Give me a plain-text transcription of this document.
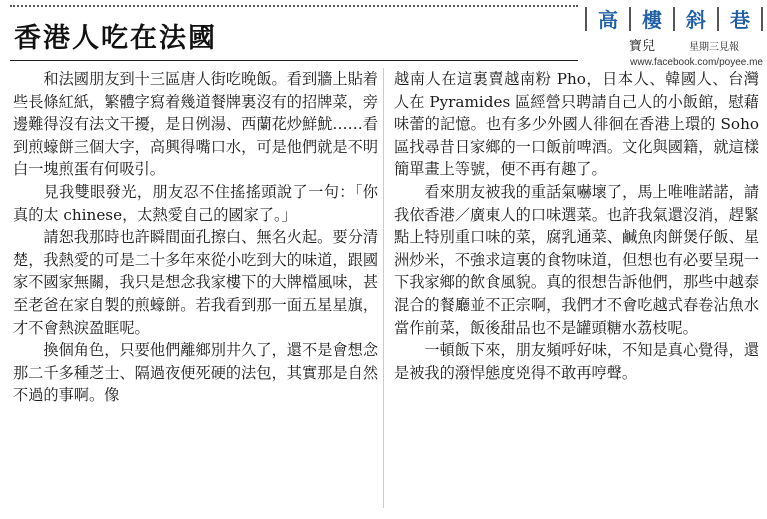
香港人吃在法國
高 樓 斜 巷
寶兒	星期三見報
www.facebook.com/poyee.me

和法國朋友到十三區唐人街吃晚飯。看到牆上貼着些長條紅紙，繁體字寫着幾道餐牌裏沒有的招牌菜，旁邊難得沒有法文干擾，是日例湯、西蘭花炒鮮魷……看到煎蠔餅三個大字，高興得嘴口水，可是他們就是不明白一塊煎蛋有何吸引。

見我雙眼發光，朋友忍不住搖搖頭說了一句：「你真的太 chinese，太熱愛自己的國家了。」

請恕我那時也許瞬間面孔擦白、無名火起。要分清楚，我熱愛的可是二十多年來從小吃到大的味道，跟國家不國家無關，我只是想念我家樓下的大牌檔風味，甚至老爸在家自製的煎蠔餅。若我看到那一面五星星旗，才不會熱淚盈眶呢。

換個角色，只要他們離鄉別井久了，還不是會想念那二千多種芝士、隔過夜便死硬的法包，其實那是自然不過的事啊。像

越南人在這裏賣越南粉 Pho，日本人、韓國人、台灣人在 Pyramides 區經營只聘請自己人的小飯館，慰藉味蕾的記憶。也有多少外國人徘徊在香港上環的 Soho 區找尋昔日家鄉的一口飯前啤酒。文化與國籍，就這樣簡單畫上等號，便不再有趣了。

看來朋友被我的重話氣嚇壞了，馬上唯唯諾諾，請我依香港／廣東人的口味選菜。也許我氣還沒消，趕緊點上特別重口味的菜，腐乳通菜、鹹魚肉餅煲仔飯、星洲炒米，不強求這裏的食物味道，但想也有必要呈現一下我家鄉的飲食風貌。真的很想告訴他們，那些中越泰混合的餐廳並不正宗啊，我們才不會吃越式春卷沾魚水當作前菜，飯後甜品也不是罐頭糖水荔枝呢。

一頓飯下來，朋友頻呼好味，不知是真心覺得，還是被我的潑悍態度兇得不敢再哼聲。
